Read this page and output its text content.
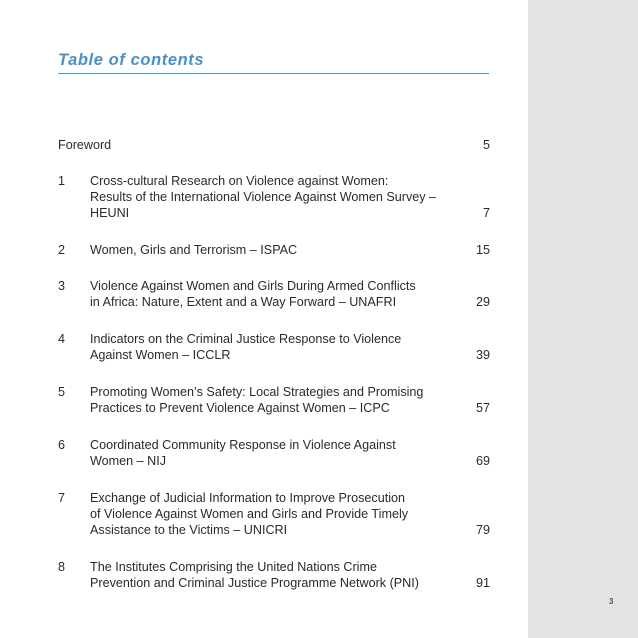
Table of contents
Foreword	5
1	Cross-cultural Research on Violence against Women:
Results of the International Violence Against Women Survey –
HEUNI	7
2	Women, Girls and Terrorism – ISPAC	15
3	Violence Against Women and Girls During Armed Conflicts
in Africa: Nature, Extent and a Way Forward – UNAFRI	29
4	Indicators on the Criminal Justice Response to Violence
Against Women – ICCLR	39
5	Promoting Women’s Safety: Local Strategies and Promising
Practices to Prevent Violence Against Women – ICPC	57
6	Coordinated Community Response in Violence Against
Women – NIJ	69
7	Exchange of Judicial Information to Improve Prosecution
of Violence Against Women and Girls and Provide Timely
Assistance to the Victims – UNICRI	79
8	The Institutes Comprising the United Nations Crime
Prevention and Criminal Justice Programme Network (PNI)	91
3
